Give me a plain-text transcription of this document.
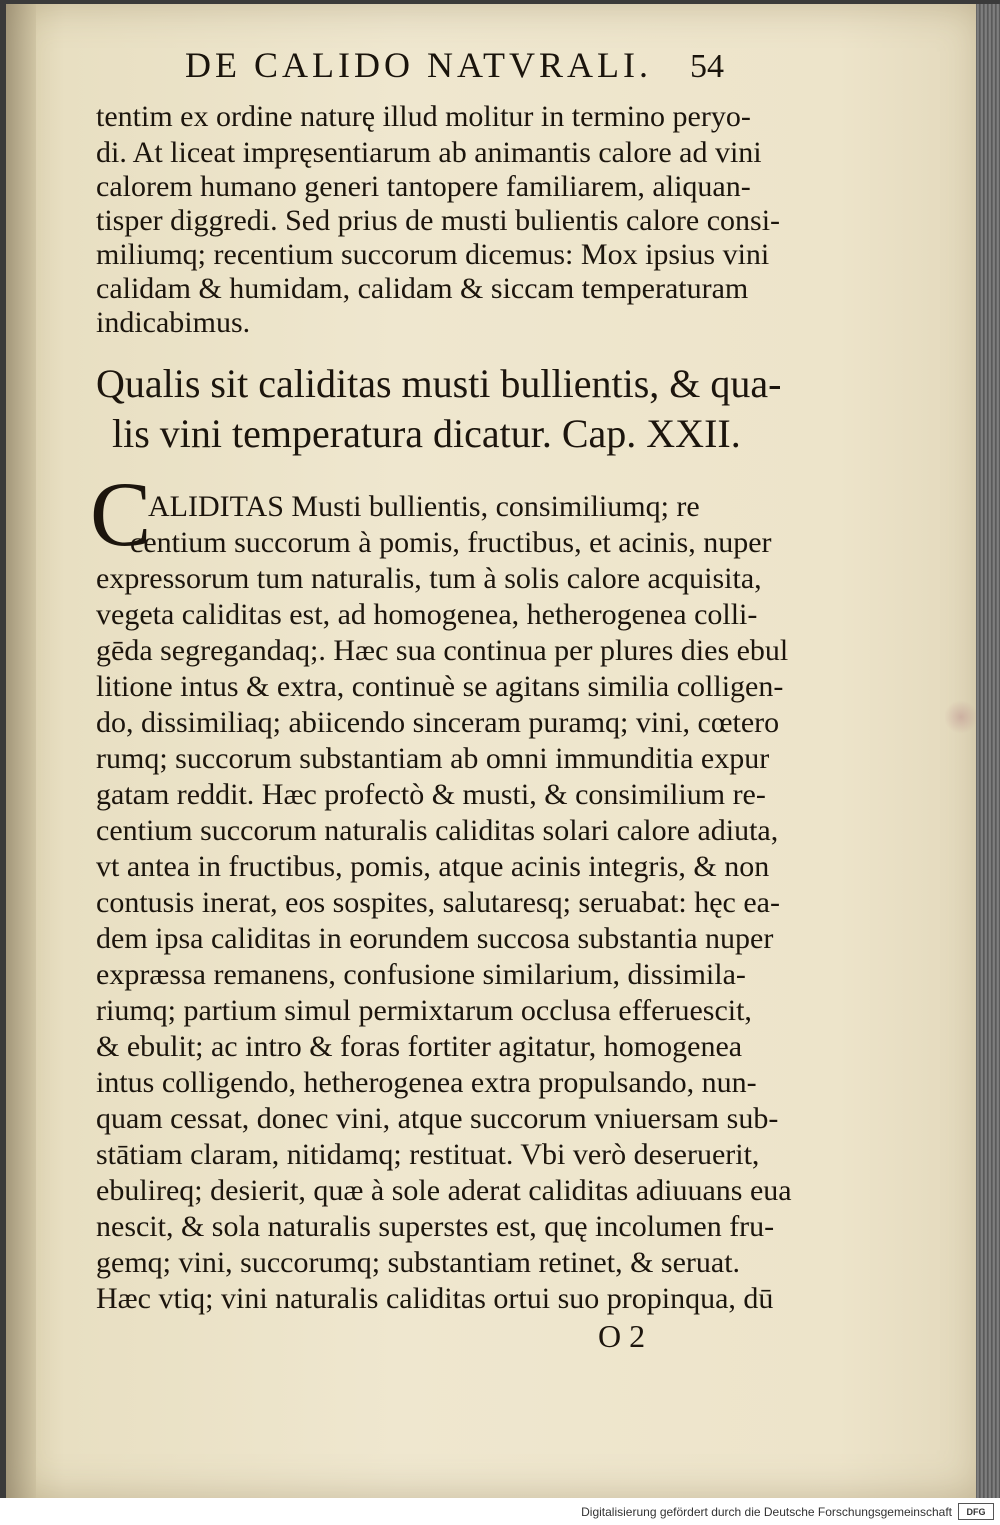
DE CALIDO NATVRALI. 54
tentim ex ordine naturę illud molitur in termino peryo-
di. At liceat impręsentiarum ab animantis calore ad vini
calorem humano generi tantopere familiarem, aliquan-
tisper diggredi. Sed prius de musti bulientis calore consi-
miliumq; recentium succorum dicemus: Mox ipsius vini
calidam & humidam, calidam & siccam temperaturam
indicabimus.
Qualis sit caliditas musti bullientis, & qua-
lis vini temperatura dicatur. Cap. XXII.
C
ALIDITAS Musti bullientis, consimiliumq; re
centium succorum à pomis, fructibus, et acinis, nuper
expressorum tum naturalis, tum à solis calore acquisita,
vegeta caliditas est, ad homogenea, hetherogenea colli-
gēda segregandaq;. Hæc sua continua per plures dies ebul
litione intus & extra, continuè se agitans similia colligen-
do, dissimiliaq; abiicendo sinceram puramq; vini, cœtero
rumq; succorum substantiam ab omni immunditia expur
gatam reddit. Hæc profectò & musti, & consimilium re-
centium succorum naturalis caliditas solari calore adiuta,
vt antea in fructibus, pomis, atque acinis integris, & non
contusis inerat, eos sospites, salutaresq; seruabat: hęc ea-
dem ipsa caliditas in eorundem succosa substantia nuper
expræssa remanens, confusione similarium, dissimila-
riumq; partium simul permixtarum occlusa efferuescit,
& ebulit; ac intro & foras fortiter agitatur, homogenea
intus colligendo, hetherogenea extra propulsando, nun-
quam cessat, donec vini, atque succorum vniuersam sub-
stātiam claram, nitidamq; restituat. Vbi verò deseruerit,
ebulireq; desierit, quæ à sole aderat caliditas adiuuans eua
nescit, & sola naturalis superstes est, quę incolumen fru-
gemq; vini, succorumq; substantiam retinet, & seruat.
Hæc vtiq; vini naturalis caliditas ortui suo propinqua, dū
O 2
Digitalisierung gefördert durch die Deutsche Forschungsgemeinschaft	DFG
